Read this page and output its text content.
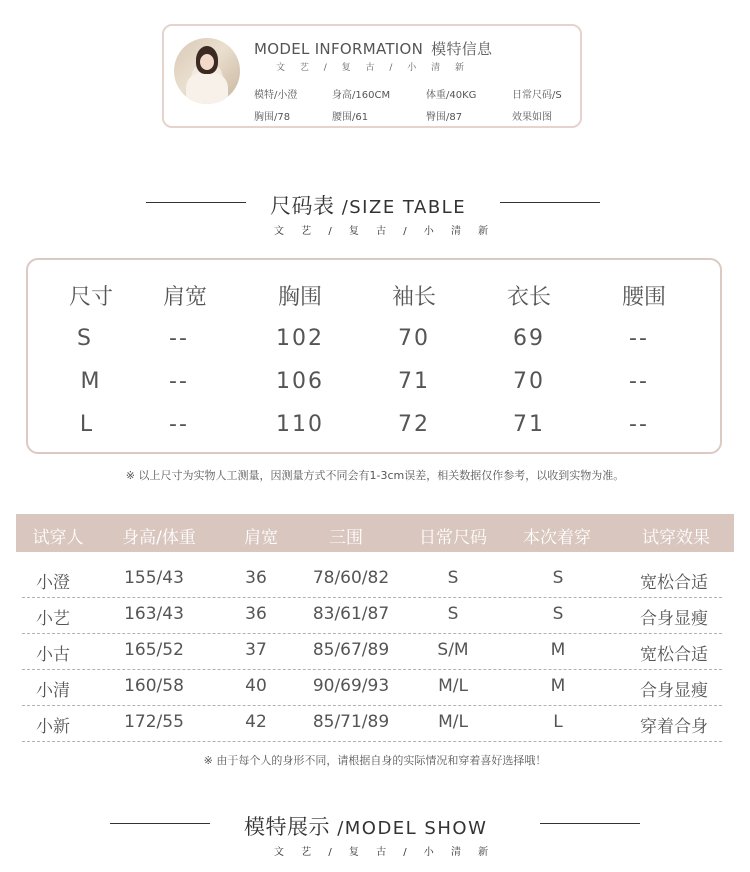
MODEL INFORMATION 模特信息
文 艺 / 复 古 / 小 清 新
模特/小澄	身高/160CM	体重/40KG	日常尺码/S
胸围/78	腰围/61	臀围/87	效果如图
尺码表 /SIZE TABLE
文 艺 / 复 古 / 小 清 新
尺寸	肩宽	胸围	袖长	衣长	腰围
S	--	102	70	69	--
M	--	106	71	70	--
L	--	110	72	71	--
※ 以上尺寸为实物人工测量，因测量方式不同会有1-3cm误差，相关数据仅作参考，以收到实物为准。
试穿人	身高/体重	肩宽	三围	日常尺码	本次着穿	试穿效果
小澄	155/43	36	78/60/82	S	S	宽松合适
小艺	163/43	36	83/61/87	S	S	合身显瘦
小古	165/52	37	85/67/89	S/M	M	宽松合适
小清	160/58	40	90/69/93	M/L	M	合身显瘦
小新	172/55	42	85/71/89	M/L	L	穿着合身
※ 由于每个人的身形不同，请根据自身的实际情况和穿着喜好选择哦！
模特展示 /MODEL SHOW
文 艺 / 复 古 / 小 清 新
